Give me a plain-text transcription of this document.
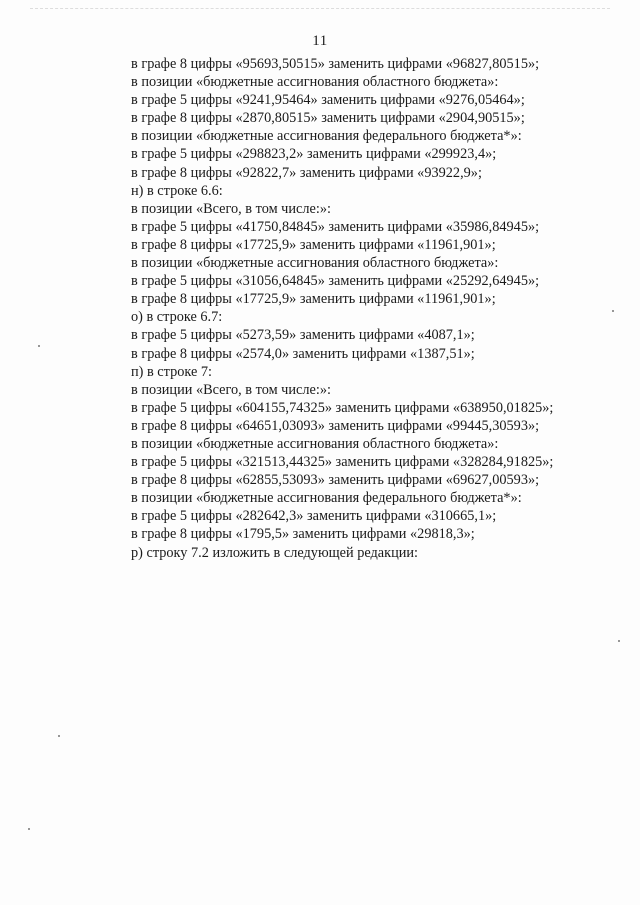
11
в графе 8 цифры «95693,50515» заменить цифрами «96827,80515»;
в позиции «бюджетные ассигнования областного бюджета»:
в графе 5 цифры «9241,95464» заменить цифрами «9276,05464»;
в графе 8 цифры «2870,80515» заменить цифрами «2904,90515»;
в позиции «бюджетные ассигнования федерального бюджета*»:
в графе 5 цифры «298823,2» заменить цифрами «299923,4»;
в графе 8 цифры «92822,7» заменить цифрами «93922,9»;
н) в строке 6.6:
в позиции «Всего, в том числе:»:
в графе 5 цифры «41750,84845» заменить цифрами «35986,84945»;
в графе 8 цифры «17725,9» заменить цифрами «11961,901»;
в позиции «бюджетные ассигнования областного бюджета»:
в графе 5 цифры «31056,64845» заменить цифрами «25292,64945»;
в графе 8 цифры «17725,9» заменить цифрами «11961,901»;
о) в строке 6.7:
в графе 5 цифры «5273,59» заменить цифрами «4087,1»;
в графе 8 цифры «2574,0» заменить цифрами «1387,51»;
п) в строке 7:
в позиции «Всего, в том числе:»:
в графе 5 цифры «604155,74325» заменить цифрами «638950,01825»;
в графе 8 цифры «64651,03093» заменить цифрами «99445,30593»;
в позиции «бюджетные ассигнования областного бюджета»:
в графе 5 цифры «321513,44325» заменить цифрами «328284,91825»;
в графе 8 цифры «62855,53093» заменить цифрами «69627,00593»;
в позиции «бюджетные ассигнования федерального бюджета*»:
в графе 5 цифры «282642,3» заменить цифрами «310665,1»;
в графе 8 цифры «1795,5» заменить цифрами «29818,3»;
р) строку 7.2 изложить в следующей редакции:
